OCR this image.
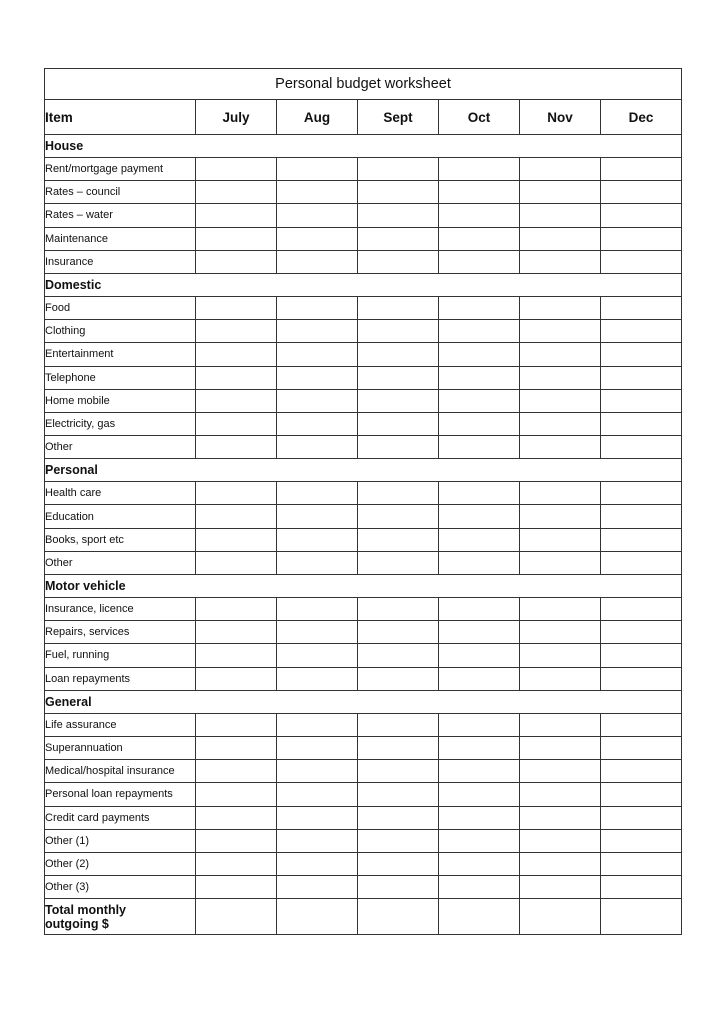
Personal budget worksheet						
Item	July	Aug	Sept	Oct	Nov	Dec
House						
Rent/mortgage payment						
Rates – council						
Rates – water						
Maintenance						
Insurance						
Domestic						
Food						
Clothing						
Entertainment						
Telephone						
Home mobile						
Electricity, gas						
Other						
Personal						
Health care						
Education						
Books, sport etc						
Other						
Motor vehicle						
Insurance, licence						
Repairs, services						
Fuel, running						
Loan repayments						
General						
Life assurance						
Superannuation						
Medical/hospital insurance						
Personal loan repayments						
Credit card payments						
Other (1)						
Other (2)						
Other (3)						
Total monthly
outgoing $						
